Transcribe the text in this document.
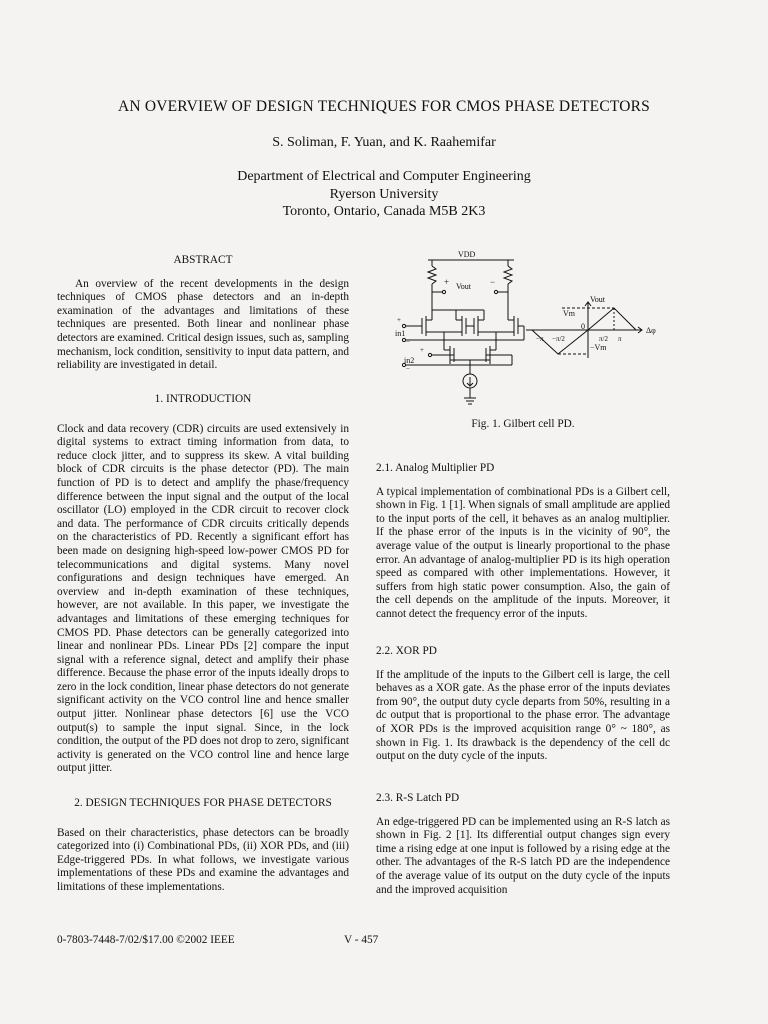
AN OVERVIEW OF DESIGN TECHNIQUES FOR CMOS PHASE DETECTORS
S. Soliman, F. Yuan, and K. Raahemifar
Department of Electrical and Computer Engineering
Ryerson University
Toronto, Ontario, Canada M5B 2K3
ABSTRACT

An overview of the recent developments in the design techniques of CMOS phase detectors and an in-depth examination of the advantages and limitations of these techniques are presented. Both linear and nonlinear phase detectors are examined. Critical design issues, such as, sampling mechanism, lock condition, sensitivity to input data pattern, and reliability are investigated in detail.

1. INTRODUCTION

Clock and data recovery (CDR) circuits are used extensively in digital systems to extract timing information from data, to reduce clock jitter, and to suppress its skew. A vital building block of CDR circuits is the phase detector (PD). The main function of PD is to detect and amplify the phase/frequency difference between the input signal and the output of the local oscillator (LO) employed in the CDR circuit to recover clock and data. The performance of CDR circuits critically depends on the characteristics of PD. Recently a significant effort has been made on designing high-speed low-power CMOS PD for telecommunications and digital systems. Many novel configurations and design techniques have emerged. An overview and in-depth examination of these techniques, however, are not available. In this paper, we investigate the advantages and limitations of these emerging techniques for CMOS PD. Phase detectors can be generally categorized into linear and nonlinear PDs. Linear PDs [2] compare the input signal with a reference signal, detect and amplify their phase difference. Because the phase error of the inputs ideally drops to zero in the lock condition, linear phase detectors do not generate significant activity on the VCO control line and hence smaller output jitter. Nonlinear phase detectors [6] use the VCO output(s) to sample the input signal. Since, in the lock condition, the output of the PD does not drop to zero, significant activity is generated on the VCO control line and hence large output jitter.

2. DESIGN TECHNIQUES FOR PHASE DETECTORS

Based on their characteristics, phase detectors can be broadly categorized into (i) Combinational PDs, (ii) XOR PDs, and (iii) Edge-triggered PDs. In what follows, we investigate various implementations of these PDs and examine the advantages and limitations of these implementations.

VDD
+ Vout −
+
in1
−
+
in2
−
Vout
Vm
0
−Vm
−π −π/2	π/2 π
Δφ
Fig. 1. Gilbert cell PD.
2.1. Analog Multiplier PD

A typical implementation of combinational PDs is a Gilbert cell, shown in Fig. 1 [1]. When signals of small amplitude are applied to the input ports of the cell, it behaves as an analog multiplier. If the phase error of the inputs is in the vicinity of 90°, the average value of the output is linearly proportional to the phase error. An advantage of analog-multiplier PD is its high operation speed as compared with other implementations. However, it suffers from high static power consumption. Also, the gain of the cell depends on the amplitude of the inputs. Moreover, it cannot detect the frequency error of the inputs.

2.2. XOR PD

If the amplitude of the inputs to the Gilbert cell is large, the cell behaves as a XOR gate. As the phase error of the inputs deviates from 90°, the output duty cycle departs from 50%, resulting in a dc output that is proportional to the phase error. The advantage of XOR PDs is the improved acquisition range 0° ~ 180°, as shown in Fig. 1. Its drawback is the dependency of the cell dc output on the duty cycle of the inputs.

2.3. R-S Latch PD

An edge-triggered PD can be implemented using an R-S latch as shown in Fig. 2 [1]. Its differential output changes sign every time a rising edge at one input is followed by a rising edge at the other. The advantages of the R-S latch PD are the independence of the average value of its output on the duty cycle of the inputs and the improved acquisition

0-7803-7448-7/02/$17.00 ©2002 IEEE	V - 457
